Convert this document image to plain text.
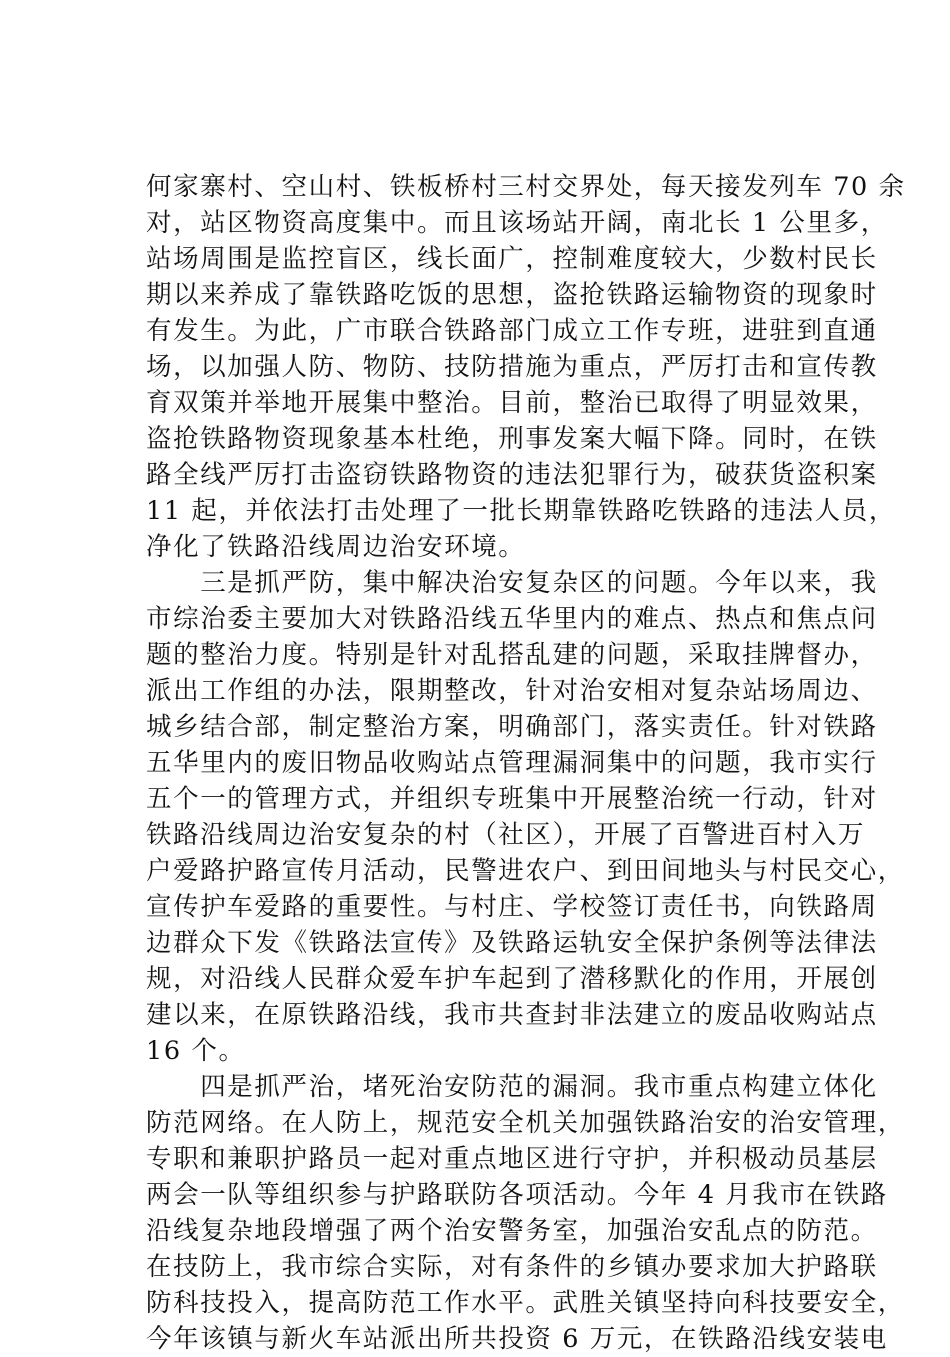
何家寨村、空山村、铁板桥村三村交界处，每天接发列车 70 余
对，站区物资高度集中。而且该场站开阔，南北长 1 公里多，
站场周围是监控盲区，线长面广，控制难度较大，少数村民长
期以来养成了靠铁路吃饭的思想，盗抢铁路运输物资的现象时
有发生。为此，广市联合铁路部门成立工作专班，进驻到直通
场，以加强人防、物防、技防措施为重点，严厉打击和宣传教
育双策并举地开展集中整治。目前，整治已取得了明显效果，
盗抢铁路物资现象基本杜绝，刑事发案大幅下降。同时，在铁
路全线严厉打击盗窃铁路物资的违法犯罪行为，破获货盗积案
11 起，并依法打击处理了一批长期靠铁路吃铁路的违法人员，
净化了铁路沿线周边治安环境。
　　三是抓严防，集中解决治安复杂区的问题。今年以来，我
市综治委主要加大对铁路沿线五华里内的难点、热点和焦点问
题的整治力度。特别是针对乱搭乱建的问题，采取挂牌督办，
派出工作组的办法，限期整改，针对治安相对复杂站场周边、
城乡结合部，制定整治方案，明确部门，落实责任。针对铁路
五华里内的废旧物品收购站点管理漏洞集中的问题，我市实行
五个一的管理方式，并组织专班集中开展整治统一行动，针对
铁路沿线周边治安复杂的村（社区），开展了百警进百村入万
户爱路护路宣传月活动，民警进农户、到田间地头与村民交心，
宣传护车爱路的重要性。与村庄、学校签订责任书，向铁路周
边群众下发《铁路法宣传》及铁路运轨安全保护条例等法律法
规，对沿线人民群众爱车护车起到了潜移默化的作用，开展创
建以来，在原铁路沿线，我市共查封非法建立的废品收购站点
16 个。
　　四是抓严治，堵死治安防范的漏洞。我市重点构建立体化
防范网络。在人防上，规范安全机关加强铁路治安的治安管理，
专职和兼职护路员一起对重点地区进行守护，并积极动员基层
两会一队等组织参与护路联防各项活动。今年 4 月我市在铁路
沿线复杂地段增强了两个治安警务室，加强治安乱点的防范。
在技防上，我市综合实际，对有条件的乡镇办要求加大护路联
防科技投入，提高防范工作水平。武胜关镇坚持向科技要安全，
今年该镇与新火车站派出所共投资 6 万元，在铁路沿线安装电
